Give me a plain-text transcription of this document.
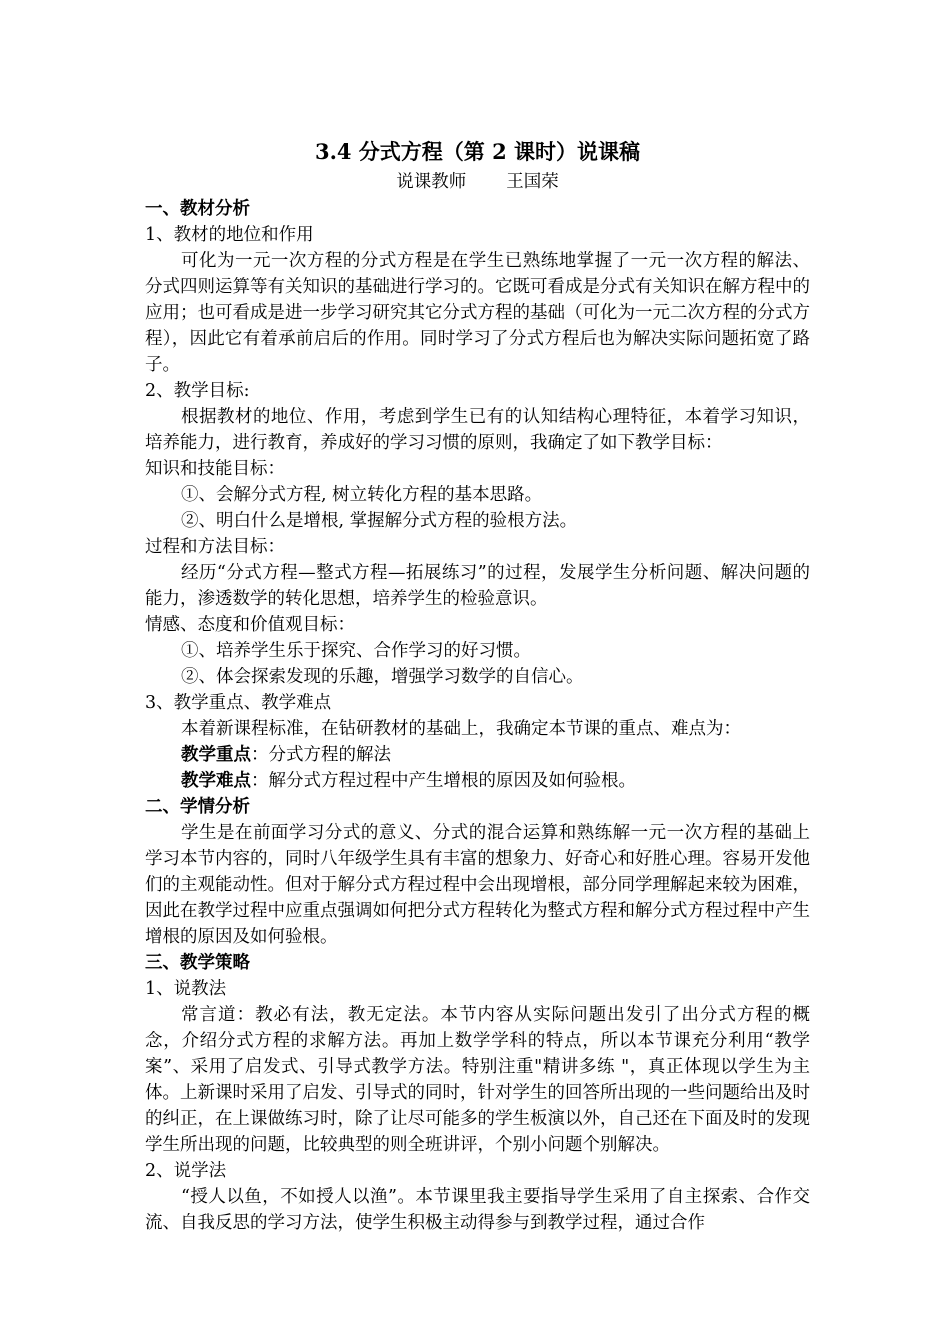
3.4 分式方程（第 2 课时）说课稿
说课教师 王国荣
一、教材分析
1、教材的地位和作用
可化为一元一次方程的分式方程是在学生已熟练地掌握了一元一次方程的解法、分式四则运算等有关知识的基础进行学习的。它既可看成是分式有关知识在解方程中的应用；也可看成是进一步学习研究其它分式方程的基础（可化为一元二次方程的分式方程），因此它有着承前启后的作用。同时学习了分式方程后也为解决实际问题拓宽了路子。
2、教学目标:
根据教材的地位、作用，考虑到学生已有的认知结构心理特征，本着学习知识，培养能力，进行教育，养成好的学习习惯的原则，我确定了如下教学目标：
知识和技能目标：
①、会解分式方程, 树立转化方程的基本思路。
②、明白什么是增根, 掌握解分式方程的验根方法。
过程和方法目标：
经历“分式方程—整式方程—拓展练习”的过程，发展学生分析问题、解决问题的能力，渗透数学的转化思想，培养学生的检验意识。
情感、态度和价值观目标：
①、培养学生乐于探究、合作学习的好习惯。
②、体会探索发现的乐趣，增强学习数学的自信心。
3、教学重点、教学难点
本着新课程标准，在钻研教材的基础上，我确定本节课的重点、难点为：
教学重点：分式方程的解法
教学难点：解分式方程过程中产生增根的原因及如何验根。
二、学情分析
学生是在前面学习分式的意义、分式的混合运算和熟练解一元一次方程的基础上学习本节内容的，同时八年级学生具有丰富的想象力、好奇心和好胜心理。容易开发他们的主观能动性。但对于解分式方程过程中会出现增根，部分同学理解起来较为困难，因此在教学过程中应重点强调如何把分式方程转化为整式方程和解分式方程过程中产生增根的原因及如何验根。
三、教学策略
1、说教法
常言道：教必有法，教无定法。本节内容从实际问题出发引了出分式方程的概念，介绍分式方程的求解方法。再加上数学学科的特点，所以本节课充分利用“教学案”、采用了启发式、引导式教学方法。特别注重"精讲多练 "，真正体现以学生为主体。上新课时采用了启发、引导式的同时，针对学生的回答所出现的一些问题给出及时的纠正，在上课做练习时，除了让尽可能多的学生板演以外，自己还在下面及时的发现学生所出现的问题，比较典型的则全班讲评，个别小问题个别解决。
2、说学法
“授人以鱼，不如授人以渔”。本节课里我主要指导学生采用了自主探索、合作交流、自我反思的学习方法，使学生积极主动得参与到教学过程，通过合作
